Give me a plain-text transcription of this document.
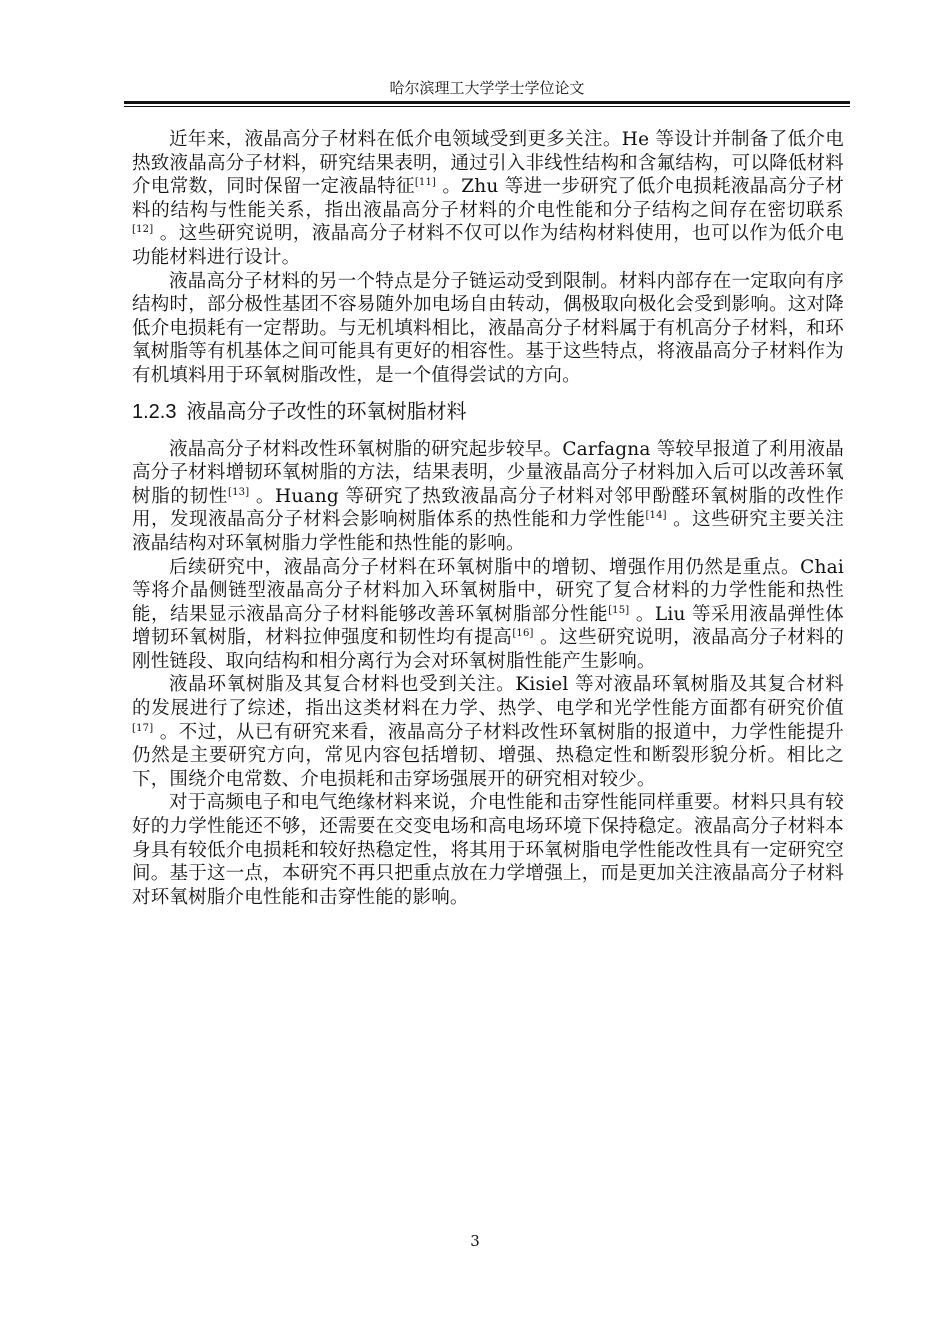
哈尔滨理工大学学士学位论文

近年来，液晶高分子材料在低介电领域受到更多关注。He 等设计并制备了低介电热致液晶高分子材料，研究结果表明，通过引入非线性结构和含氟结构，可以降低材料介电常数，同时保留一定液晶特征[11] 。Zhu 等进一步研究了低介电损耗液晶高分子材料的结构与性能关系，指出液晶高分子材料的介电性能和分子结构之间存在密切联系[12] 。这些研究说明，液晶高分子材料不仅可以作为结构材料使用，也可以作为低介电功能材料进行设计。

液晶高分子材料的另一个特点是分子链运动受到限制。材料内部存在一定取向有序结构时，部分极性基团不容易随外加电场自由转动，偶极取向极化会受到影响。这对降低介电损耗有一定帮助。与无机填料相比，液晶高分子材料属于有机高分子材料，和环氧树脂等有机基体之间可能具有更好的相容性。基于这些特点，将液晶高分子材料作为有机填料用于环氧树脂改性，是一个值得尝试的方向。

1.2.3 液晶高分子改性的环氧树脂材料

液晶高分子材料改性环氧树脂的研究起步较早。Carfagna 等较早报道了利用液晶高分子材料增韧环氧树脂的方法，结果表明，少量液晶高分子材料加入后可以改善环氧树脂的韧性[13] 。Huang 等研究了热致液晶高分子材料对邻甲酚醛环氧树脂的改性作用，发现液晶高分子材料会影响树脂体系的热性能和力学性能[14] 。这些研究主要关注液晶结构对环氧树脂力学性能和热性能的影响。

后续研究中，液晶高分子材料在环氧树脂中的增韧、增强作用仍然是重点。Chai 等将介晶侧链型液晶高分子材料加入环氧树脂中，研究了复合材料的力学性能和热性能，结果显示液晶高分子材料能够改善环氧树脂部分性能[15] 。Liu 等采用液晶弹性体增韧环氧树脂，材料拉伸强度和韧性均有提高[16] 。这些研究说明，液晶高分子材料的刚性链段、取向结构和相分离行为会对环氧树脂性能产生影响。

液晶环氧树脂及其复合材料也受到关注。Kisiel 等对液晶环氧树脂及其复合材料的发展进行了综述，指出这类材料在力学、热学、电学和光学性能方面都有研究价值[17] 。不过，从已有研究来看，液晶高分子材料改性环氧树脂的报道中，力学性能提升仍然是主要研究方向，常见内容包括增韧、增强、热稳定性和断裂形貌分析。相比之下，围绕介电常数、介电损耗和击穿场强展开的研究相对较少。

对于高频电子和电气绝缘材料来说，介电性能和击穿性能同样重要。材料只具有较好的力学性能还不够，还需要在交变电场和高电场环境下保持稳定。液晶高分子材料本身具有较低介电损耗和较好热稳定性，将其用于环氧树脂电学性能改性具有一定研究空间。基于这一点，本研究不再只把重点放在力学增强上，而是更加关注液晶高分子材料对环氧树脂介电性能和击穿性能的影响。

3
